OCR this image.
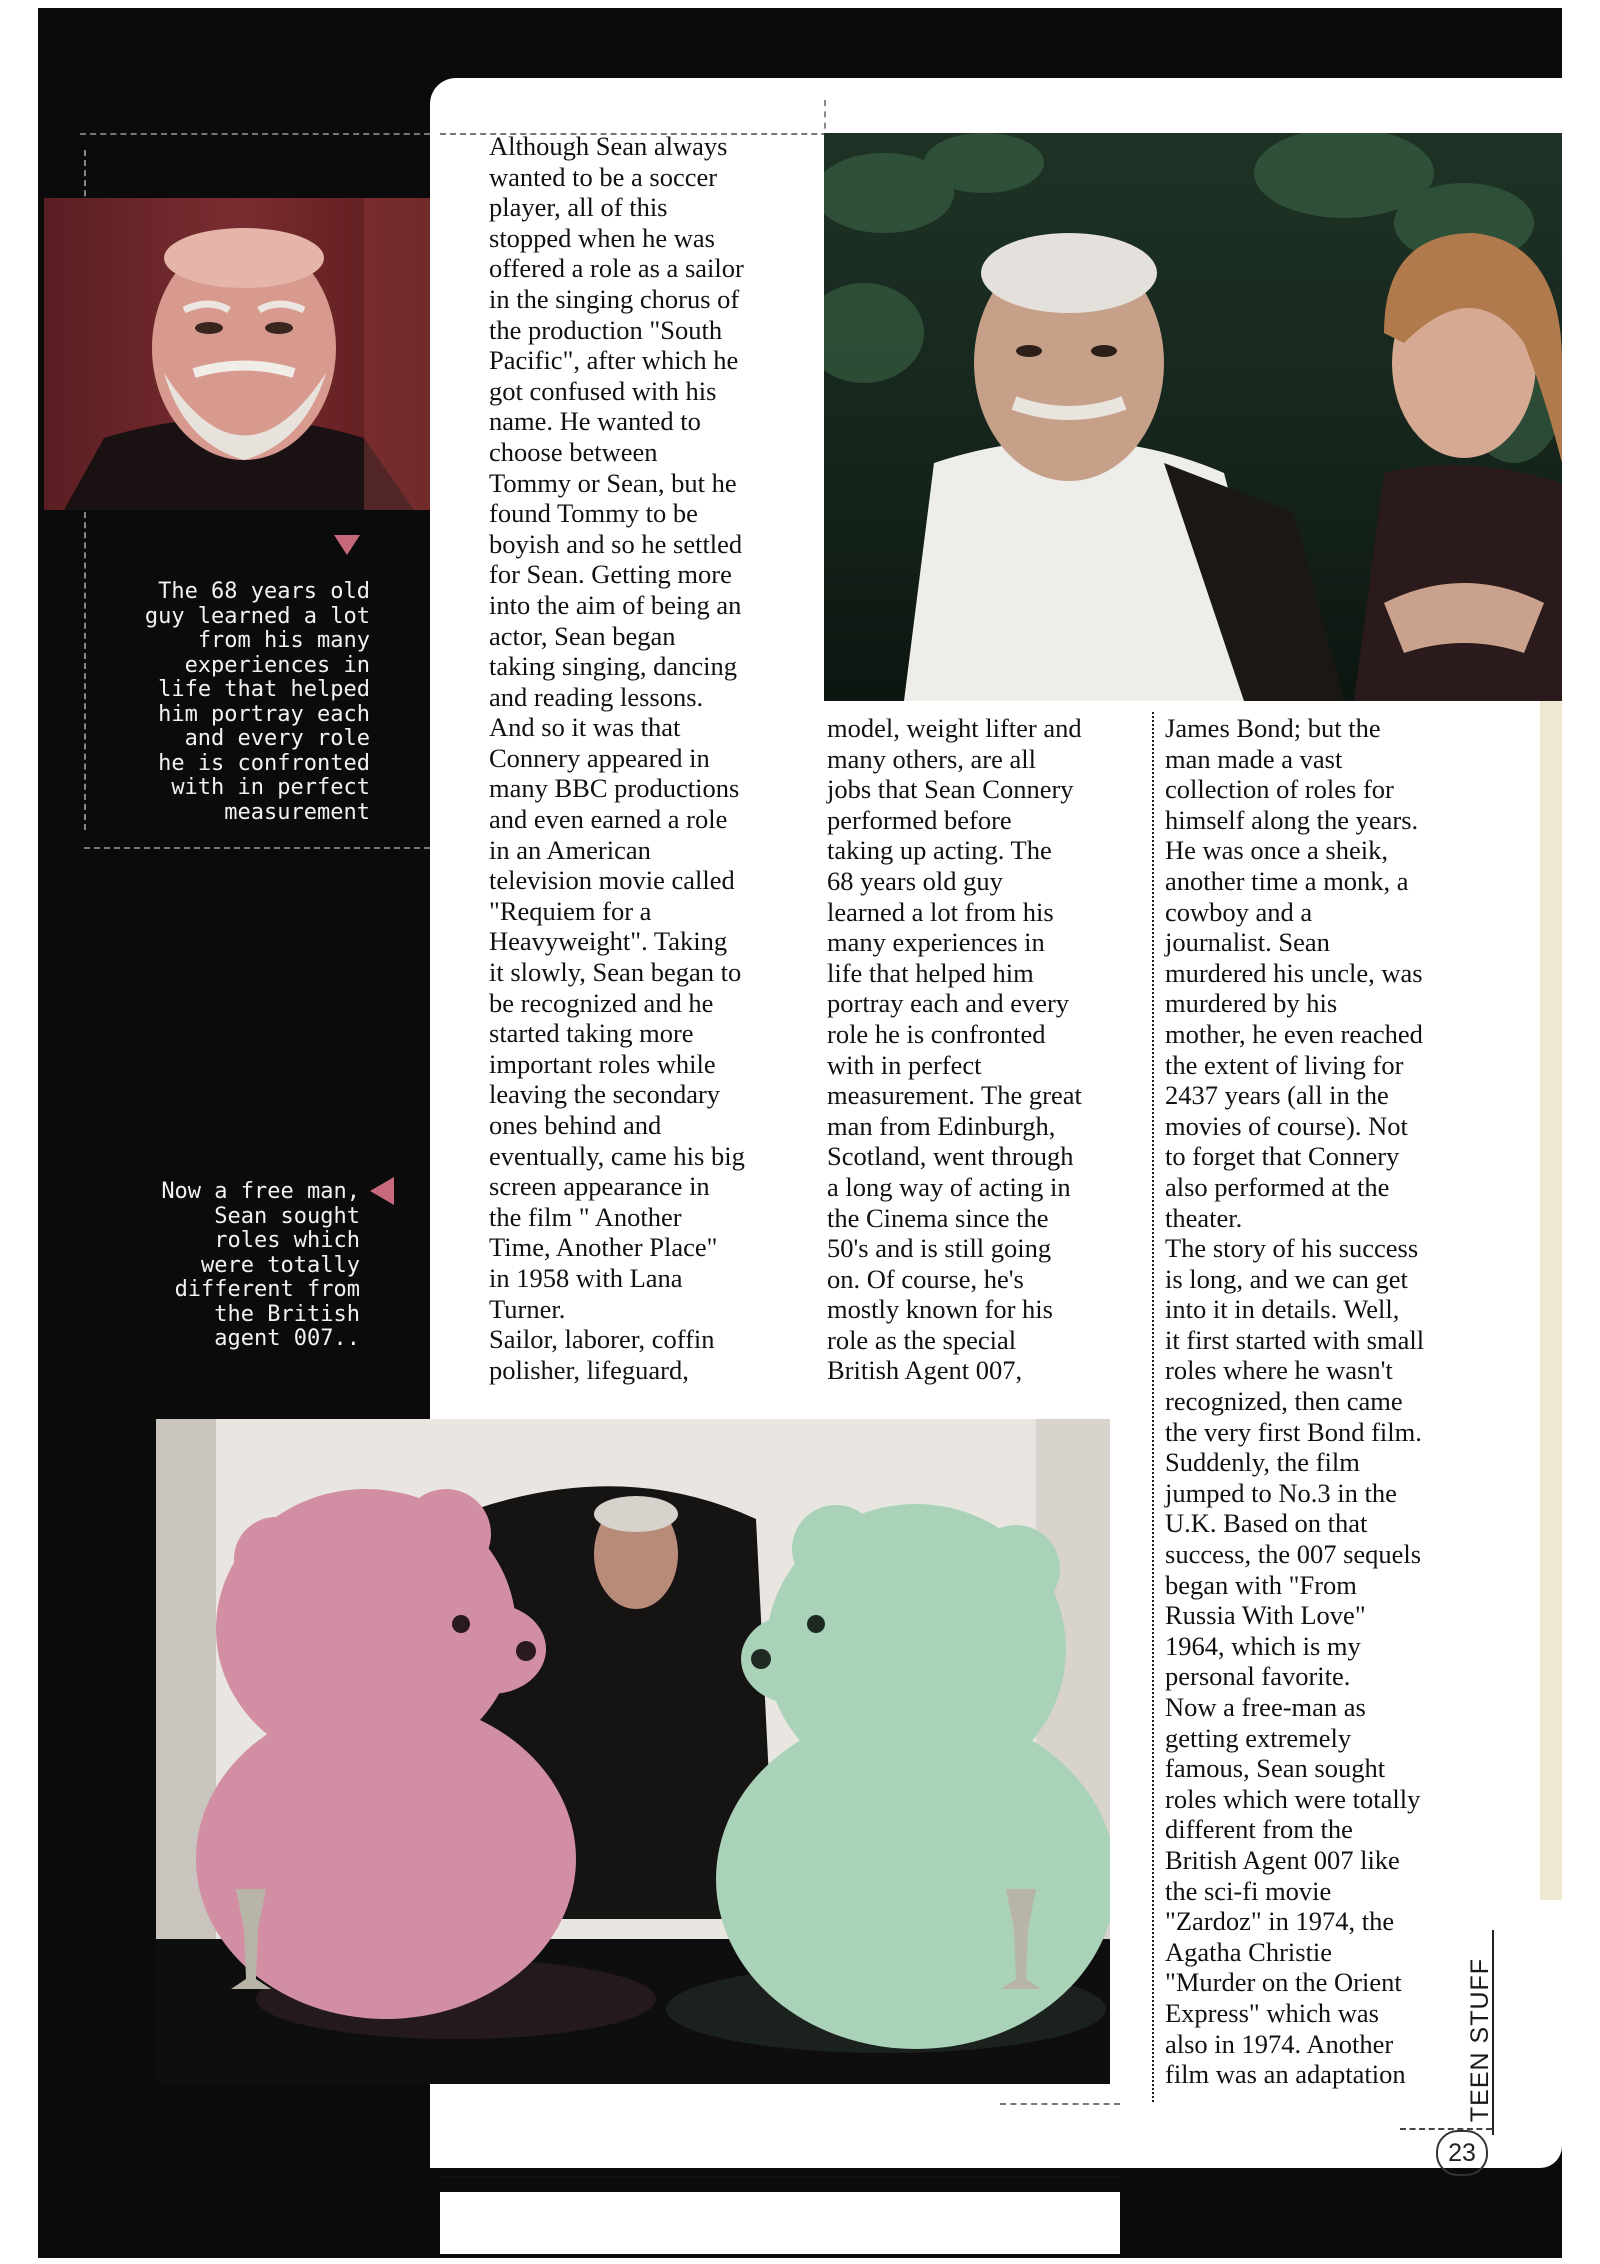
The 68 years old
guy learned a lot
from his many
experiences in
life that helped
him portray each
and every role
he is confronted
with in perfect
measurement

Now a free man,
Sean sought
roles which
were totally
different from
the British
agent 007..

Although Sean always
wanted to be a soccer
player, all of this
stopped when he was
offered a role as a sailor
in the singing chorus of
the production "South
Pacific", after which he
got confused with his
name. He wanted to
choose between
Tommy or Sean, but he
found Tommy to be
boyish and so he settled
for Sean. Getting more
into the aim of being an
actor, Sean began
taking singing, dancing
and reading lessons.
And so it was that
Connery appeared in
many BBC productions
and even earned a role
in an American
television movie called
"Requiem for a
Heavyweight". Taking
it slowly, Sean began to
be recognized and he
started taking more
important roles while
leaving the secondary
ones behind and
eventually, came his big
screen appearance in
the film " Another
Time, Another Place"
in 1958 with Lana
Turner.
Sailor, laborer, coffin
polisher, lifeguard,

model, weight lifter and
many others, are all
jobs that Sean Connery
performed before
taking up acting. The
68 years old guy
learned a lot from his
many experiences in
life that helped him
portray each and every
role he is confronted
with in perfect
measurement. The great
man from Edinburgh,
Scotland, went through
a long way of acting in
the Cinema since the
50's and is still going
on. Of course, he's
mostly known for his
role as the special
British Agent 007,

James Bond; but the
man made a vast
collection of roles for
himself along the years.
He was once a sheik,
another time a monk, a
cowboy and a
journalist. Sean
murdered his uncle, was
murdered by his
mother, he even reached
the extent of living for
2437 years (all in the
movies of course). Not
to forget that Connery
also performed at the
theater.
The story of his success
is long, and we can get
into it in details. Well,
it first started with small
roles where he wasn't
recognized, then came
the very first Bond film.
Suddenly, the film
jumped to No.3 in the
U.K. Based on that
success, the 007 sequels
began with "From
Russia With Love"
1964, which is my
personal favorite.
Now a free-man as
getting extremely
famous, Sean sought
roles which were totally
different from the
British Agent 007 like
the sci-fi movie
"Zardoz" in 1974, the
Agatha Christie
"Murder on the Orient
Express" which was
also in 1974. Another
film was an adaptation	TEEN STUFF
23
